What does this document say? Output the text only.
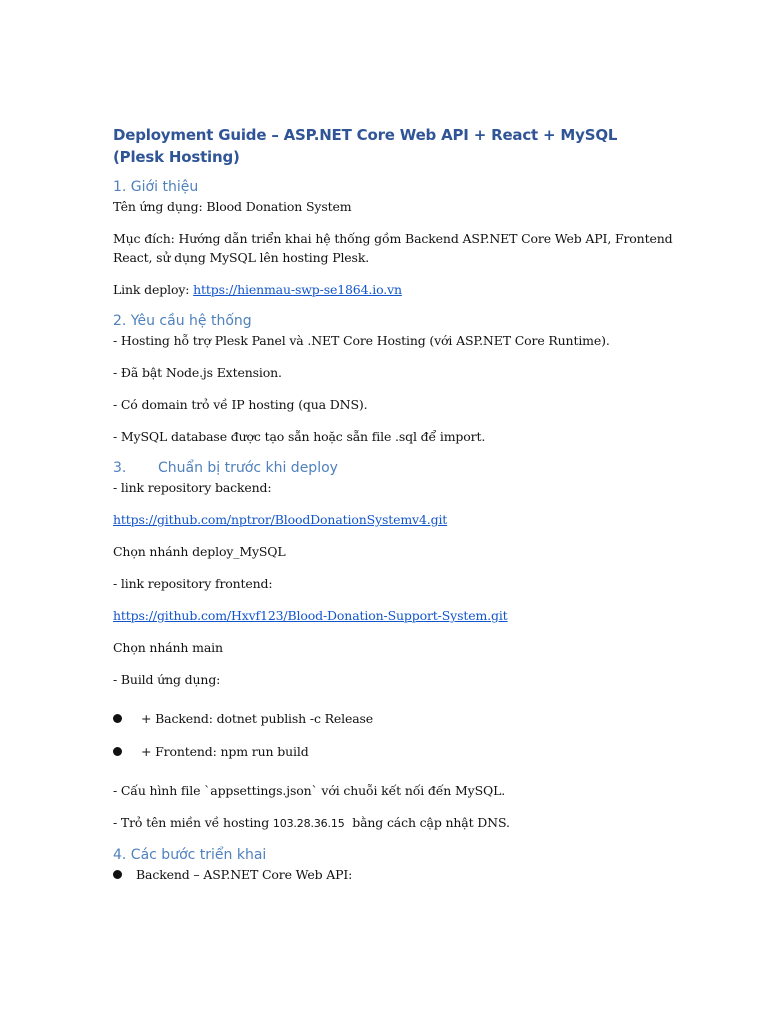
Deployment Guide – ASP.NET Core Web API + React + MySQL (Plesk Hosting)
1. Giới thiệu

Tên ứng dụng: Blood Donation System

Mục đích: Hướng dẫn triển khai hệ thống gồm Backend ASP.NET Core Web API, Frontend React, sử dụng MySQL lên hosting Plesk.

Link deploy: https://hienmau-swp-se1864.io.vn

2. Yêu cầu hệ thống

- Hosting hỗ trợ Plesk Panel và .NET Core Hosting (với ASP.NET Core Runtime).

- Đã bật Node.js Extension.

- Có domain trỏ về IP hosting (qua DNS).

- MySQL database được tạo sẵn hoặc sẵn file .sql để import.

3. Chuẩn bị trước khi deploy

- link repository backend:

https://github.com/nptror/BloodDonationSystemv4.git

Chọn nhánh deploy_MySQL

- link repository frontend:

https://github.com/Hxvf123/Blood-Donation-Support-System.git

Chọn nhánh main

- Build ứng dụng:

+ Backend: dotnet publish -c Release
+ Frontend: npm run build

- Cấu hình file `appsettings.json` với chuỗi kết nối đến MySQL.

- Trỏ tên miền về hosting 103.28.36.15  bằng cách cập nhật DNS.

4. Các bước triển khai
Backend – ASP.NET Core Web API:
